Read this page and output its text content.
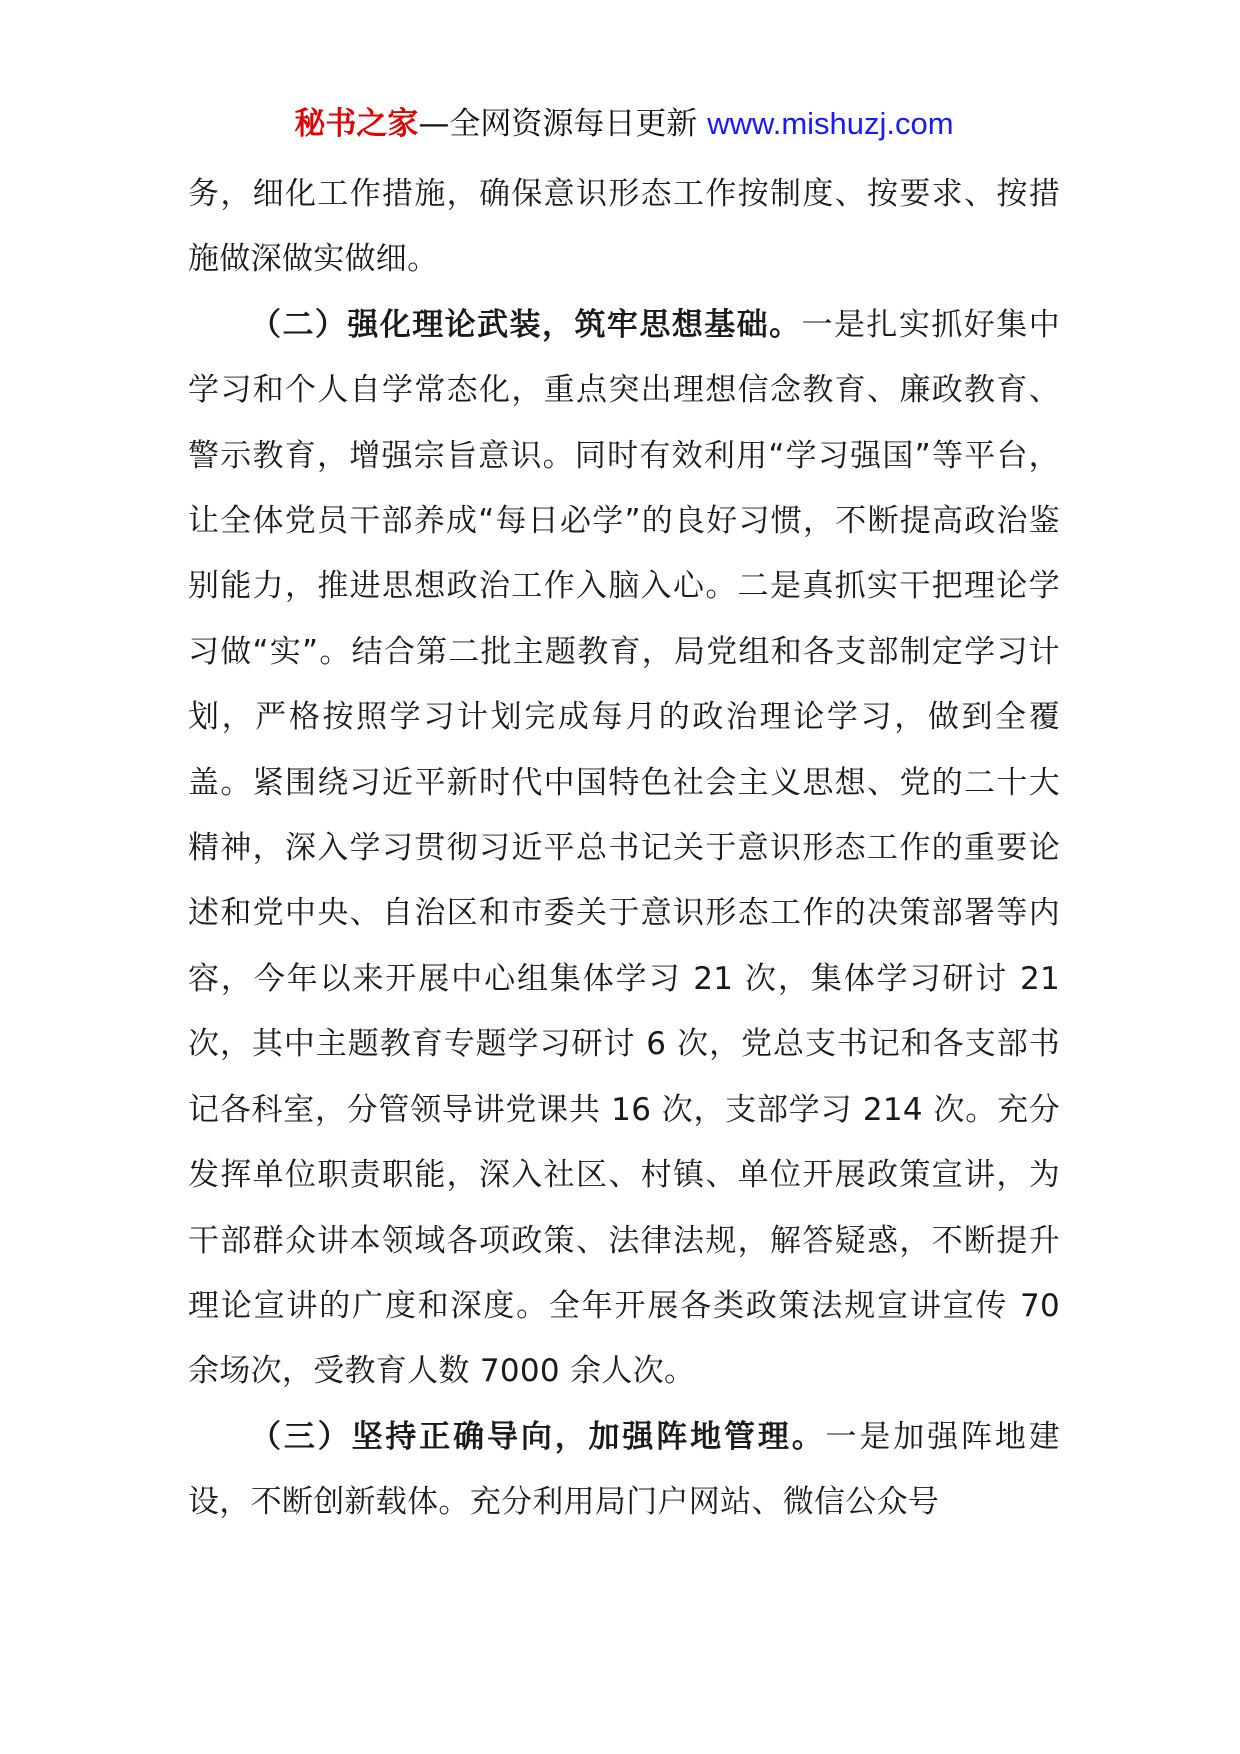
秘书之家—全网资源每日更新 www.mishuzj.com

务，细化工作措施，确保意识形态工作按制度、按要求、按措施做深做实做细。

（二）强化理论武装，筑牢思想基础。一是扎实抓好集中学习和个人自学常态化，重点突出理想信念教育、廉政教育、警示教育，增强宗旨意识。同时有效利用“学习强国”等平台，让全体党员干部养成“每日必学”的良好习惯，不断提高政治鉴别能力，推进思想政治工作入脑入心。二是真抓实干把理论学习做“实”。结合第二批主题教育，局党组和各支部制定学习计划，严格按照学习计划完成每月的政治理论学习，做到全覆盖。紧围绕习近平新时代中国特色社会主义思想、党的二十大精神，深入学习贯彻习近平总书记关于意识形态工作的重要论述和党中央、自治区和市委关于意识形态工作的决策部署等内容，今年以来开展中心组集体学习 21 次，集体学习研讨 21 次，其中主题教育专题学习研讨 6 次，党总支书记和各支部书记各科室，分管领导讲党课共 16 次，支部学习 214 次。充分发挥单位职责职能，深入社区、村镇、单位开展政策宣讲，为干部群众讲本领域各项政策、法律法规，解答疑惑，不断提升理论宣讲的广度和深度。全年开展各类政策法规宣讲宣传 70 余场次，受教育人数 7000 余人次。

（三）坚持正确导向，加强阵地管理。一是加强阵地建设，不断创新载体。充分利用局门户网站、微信公众号
